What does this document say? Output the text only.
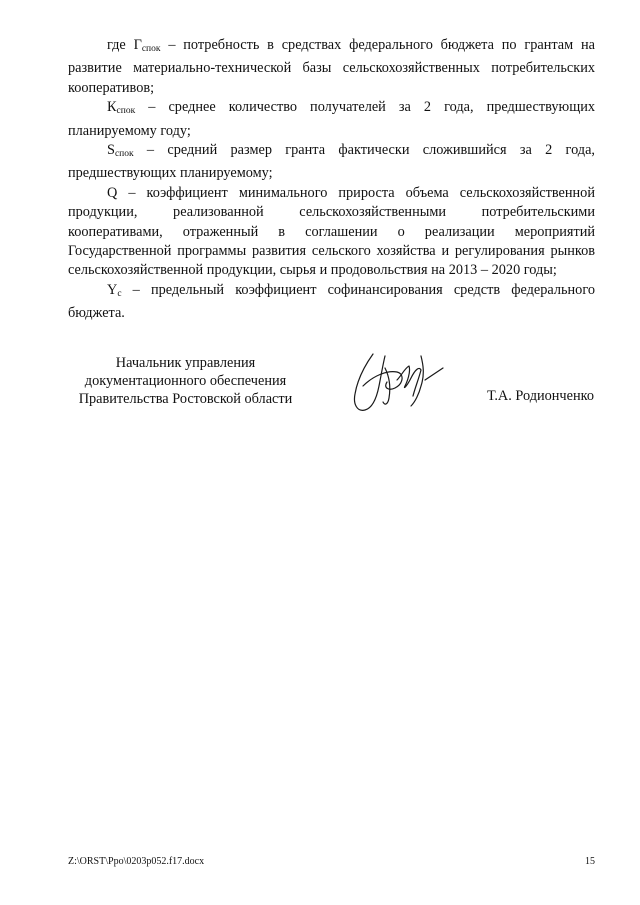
где $Г_{спок}$ – потребность в средствах федерального бюджета по грантам на развитие материально-технической базы сельскохозяйственных потребительских кооперативов;

$К_{спок}$ – среднее количество получателей за 2 года, предшествующих планируемому году;

$S_{спок}$ – средний размер гранта фактически сложившийся за 2 года, предшествующих планируемому;

Q – коэффициент минимального прироста объема сельскохозяйственной продукции, реализованной сельскохозяйственными потребительскими кооперативами, отраженный в соглашении о реализации мероприятий Государственной программы развития сельского хозяйства и регулирования рынков сельскохозяйственной продукции, сырья и продовольствия на 2013 – 2020 годы;

$Y_c$ – предельный коэффициент софинансирования средств федерального бюджета.

Начальник управления
документационного обеспечения
Правительства Ростовской области	Т.А. Родионченко
Z:\ORST\Ppo\0203p052.f17.docx	15
